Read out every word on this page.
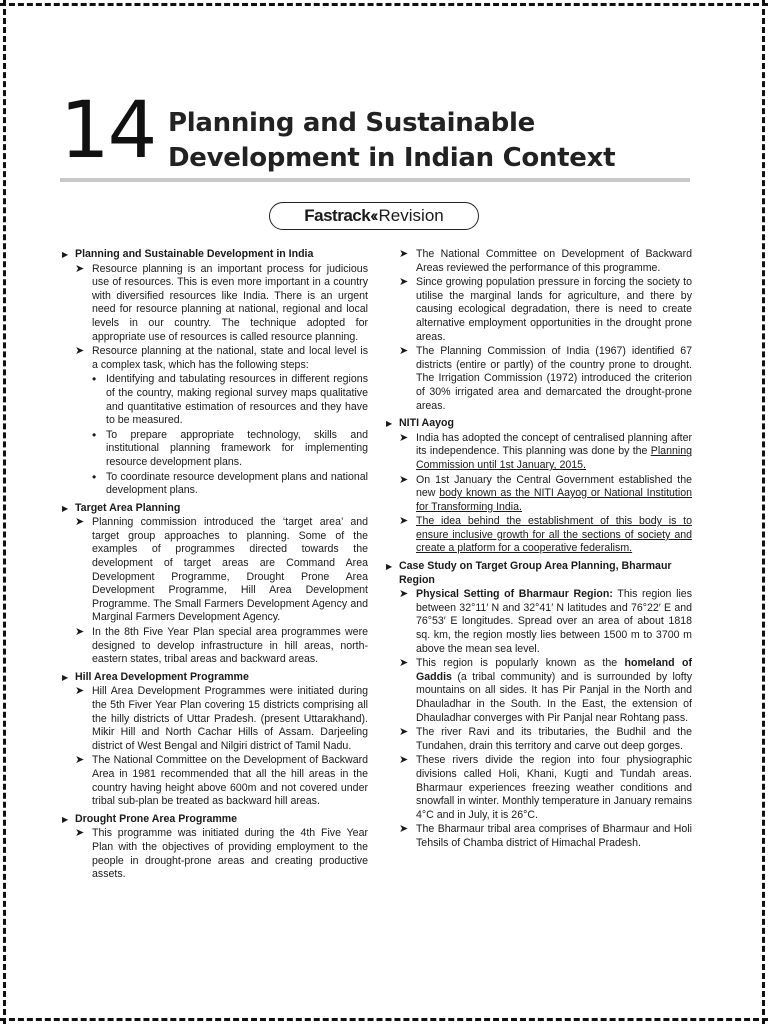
14 Planning and Sustainable
Development in Indian Context
Fastrack‹‹ Revision
▶ Planning and Sustainable Development in India
➤ Resource planning is an important process for judicious use of resources. This is even more important in a country with diversified resources like India. There is an urgent need for resource planning at national, regional and local levels in our country. The technique adopted for appropriate use of resources is called resource planning.
➤ Resource planning at the national, state and local level is a complex task, which has the following steps:
• Identifying and tabulating resources in different regions of the country, making regional survey maps qualitative and quantitative estimation of resources and they have to be measured.
• To prepare appropriate technology, skills and institutional planning framework for implementing resource development plans.
• To coordinate resource development plans and national development plans.
▶ Target Area Planning
➤ Planning commission introduced the ‘target area’ and target group approaches to planning. Some of the examples of programmes directed towards the development of target areas are Command Area Development Programme, Drought Prone Area Development Programme, Hill Area Development Programme. The Small Farmers Development Agency and Marginal Farmers Development Agency.
➤ In the 8th Five Year Plan special area programmes were designed to develop infrastructure in hill areas, north-eastern states, tribal areas and backward areas.
▶ Hill Area Development Programme
➤ Hill Area Development Programmes were initiated during the 5th Fiver Year Plan covering 15 districts comprising all the hilly districts of Uttar Pradesh. (present Uttarakhand). Mikir Hill and North Cachar Hills of Assam. Darjeeling district of West Bengal and Nilgiri district of Tamil Nadu.
➤ The National Committee on the Development of Backward Area in 1981 recommended that all the hill areas in the country having height above 600m and not covered under tribal sub-plan be treated as backward hill areas.
▶ Drought Prone Area Programme
➤ This programme was initiated during the 4th Five Year Plan with the objectives of providing employment to the people in drought-prone areas and creating productive assets.
➤ The National Committee on Development of Backward Areas reviewed the performance of this programme.
➤ Since growing population pressure in forcing the society to utilise the marginal lands for agriculture, and there by causing ecological degradation, there is need to create alternative employment opportunities in the drought prone areas.
➤ The Planning Commission of India (1967) identified 67 districts (entire or partly) of the country prone to drought. The Irrigation Commission (1972) introduced the criterion of 30% irrigated area and demarcated the drought-prone areas.
▶ NITI Aayog
➤ India has adopted the concept of centralised planning after its independence. This planning was done by the Planning Commission until 1st January, 2015.
➤ On 1st January the Central Government established the new body known as the NITI Aayog or National Institution for Transforming India.
➤ The idea behind the establishment of this body is to ensure inclusive growth for all the sections of society and create a platform for a cooperative federalism.
▶ Case Study on Target Group Area Planning, Bharmaur Region
➤ Physical Setting of Bharmaur Region: This region lies between 32°11′ N and 32°41′ N latitudes and 76°22′ E and 76°53′ E longitudes. Spread over an area of about 1818 sq. km, the region mostly lies between 1500 m to 3700 m above the mean sea level.
➤ This region is popularly known as the homeland of Gaddis (a tribal community) and is surrounded by lofty mountains on all sides. It has Pir Panjal in the North and Dhauladhar in the South. In the East, the extension of Dhauladhar converges with Pir Panjal near Rohtang pass.
➤ The river Ravi and its tributaries, the Budhil and the Tundahen, drain this territory and carve out deep gorges.
➤ These rivers divide the region into four physiographic divisions called Holi, Khani, Kugti and Tundah areas. Bharmaur experiences freezing weather conditions and snowfall in winter. Monthly temperature in January remains 4°C and in July, it is 26°C.
➤ The Bharmaur tribal area comprises of Bharmaur and Holi Tehsils of Chamba district of Himachal Pradesh.
